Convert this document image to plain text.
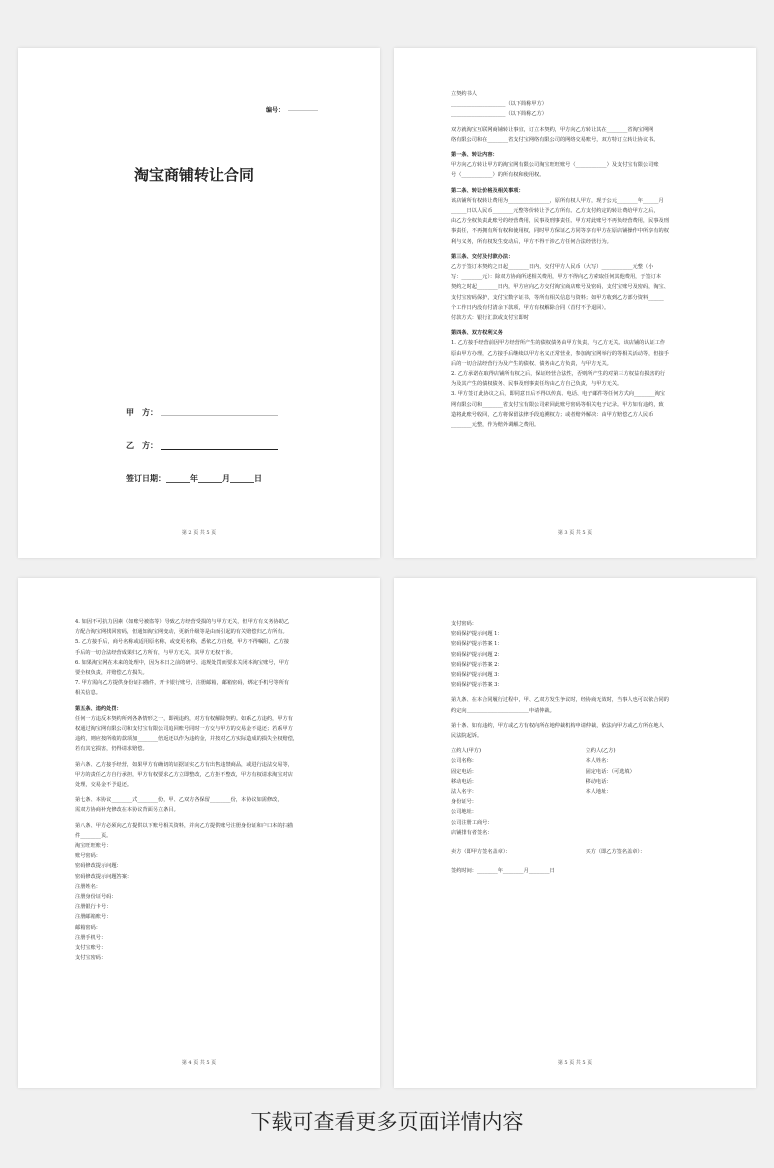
编号： __________
淘宝商铺转让合同
甲　方：
乙　方：
签订日期：______年______月______日
第 2 页 共 5 页
立契约书人
_____________________（以下简称甲方）
_____________________（以下简称乙方）
双方就淘宝互联网商铺转让事宜，订立本契约，甲方向乙方转让其在________省淘宝网网
络有限公司和在________省支付宝网络有限公司的网络交易账号，双方特订立转让协议书。
第一条、转让内容：
甲方向乙方转让甲方的淘宝网有限公司淘宝旺旺账号（____________）及支付宝有限公司账
号（____________）的所有权和使用权。
第二条、转让价格及相关事项：
该店铺所有权转让费用为________________，原所有权人甲方，现于公元________年______月
______日以人民币________元整等价转让予乙方所有。乙方支付约定的转让费给甲方之后，
由乙方全权负责此账号的经营费用，民事及刑事责任。甲方对此账号不再负经营费用，民事及刑
事责任，不再拥有所有权和使用权，同时甲方保证乙方同等享有甲方在原店铺操作中所享有的权
利与义务，所有权发生变动后，甲方不得干涉乙方任何合法经营行为。
第三条、交付及付款办法：
乙方于签订本契约之日起________日内，交付甲方人民币（大写）____________元整（小
写：________元）：除双方协商所述相关费用，甲方不得向乙方索取任何其他费用，于签订本
契约之时起________日内，甲方应向乙方交付淘宝商店账号及密码，支付宝账号及密码，淘宝、
支付宝密码保护，支付宝数字证书，等所有相关信息与资料；如甲方收到乙方部分资料______
个工作日内没有付清余下款项，甲方有权解除合同（首付不予退回）。
付款方式：银行汇款或支付宝即时
第四条、双方权利义务
1. 乙方接手经营前因甲方经营所产生的债权债务由甲方负责，与乙方无关。该店铺的认证工作
原由甲方办理，乙方接手后继续以甲方名义正常营业，参加淘宝网举行的等相关活动等，但接手
后的一切合法经营行为及产生的债权、债务由乙方负责，与甲方无关。
2. 乙方承诺在取得店铺所有权之后，保证经营合法性，否则所产生的对第三方权益有损害的行
为及其产生的债权债务、民事及刑事责任均由乙方自己负责，与甲方无关。
3. 甲方签订此协议之后，即同意日后不得以传真、电话、电子邮件等任何方式向________淘宝
网有限公司和________省支付宝有限公司索回此账号密码等相关电子记录。甲方如有违约，致
造将此账号收回，乙方将保留法律手段追溯权力；或者赔外解决：由甲方赔偿乙方人民币
________元整，作为赔外调解之费用。
第 3 页 共 5 页
4. 如因不可抗力因素（如账号被盗等）导致乙方经营受损的与甲方无关，但甲方有义务协助乙
方配合淘宝网找回密码，但通知淘宝网变动，更新升级等是由而引起的有关赔偿归乙方所有。
5. 乙方接手后，商号名称或适用原名称，或变更名称，悉依乙方自便，甲方不得嘱阻，乙方接
手后的一切合法经营成果归乙方所有，与甲方无关，其甲方无权干涉。
6. 如果淘宝网在未来的处理中，因为本日之前的研号、违规处罚而要求关闭本淘宝账号，甲方
要全权负责，并赔偿乙方损失。
7. 甲方需向乙方提供身份证扫描件，开卡银行账号，注册邮箱，邮箱密码，绑定手机号等所有
相关信息。
第五条、违约处罚：
任何一方违反本契约所列各条情形之一，即视违约，对方有权解除契约。如系乙方违约，甲方有
权通过淘宝网有限公司和支付宝有限公司追回账号同时一方交与甲方的交易金不退还；若系甲方
违约，则应按所收的款项加________倍返还以作为违约金，并按对乙方实际造成的损失全权赔偿，
若有其它损害，仍得请求赔偿。
第六条、乙方接手经营，如果甲方有确切的证据证实乙方有出售违禁商品，或进行违法交易等，
甲方的责任乙方自行承担，甲方有权要求乙方立即整改，乙方拒不整改，甲方有权请求淘宝对店
处理，交易金不予退还。
第七条、本协议________式________份，甲、乙双方各保留________份，本协议如需修改，
需双方协商补充修改在本协议背面另立条目。
第八条、甲方必须向乙方提供以下账号相关资料，并向乙方提供账号注册身份证和户口本的扫描
件________页。
淘宝旺旺账号：
账号密码：
密码修改提示问题：
密码修改提示问题答案：
注册姓名：
注册身份证号码：
注册银行卡号：
注册邮箱账号：
邮箱密码：
注册手机号：
支付宝账号：
支付宝密码：
第 4 页 共 5 页
支付密码：
密码保护提示问题 1：
密码保护提示答案 1：
密码保护提示问题 2：
密码保护提示答案 2：
密码保护提示问题 3：
密码保护提示答案 3：
第九条、在本合同履行过程中，甲、乙双方发生争议时，经协商无效时，当事人也可以依合同的
约定向＿＿＿＿＿＿＿＿＿＿＿＿申请仲裁。
第十条、如有违约，甲方或乙方有权向所在地仲裁机构申请仲裁，依法向甲方或乙方所在地人
民法院起诉。
立约人(甲方)
公司名称：
固定电话：
移动电话：
法人名字：
身份证号：
公司地址：
公司注册工商号：
店铺排有者签名：
立约人(乙方)
本人姓名：
固定电话：（可选填）
移动电话：
本人地址：
卖方（即甲方签名盖章）：	买方（即乙方签名盖章）：
签约时间：________年________月________日
第 5 页 共 5 页
下载可查看更多页面详情内容
